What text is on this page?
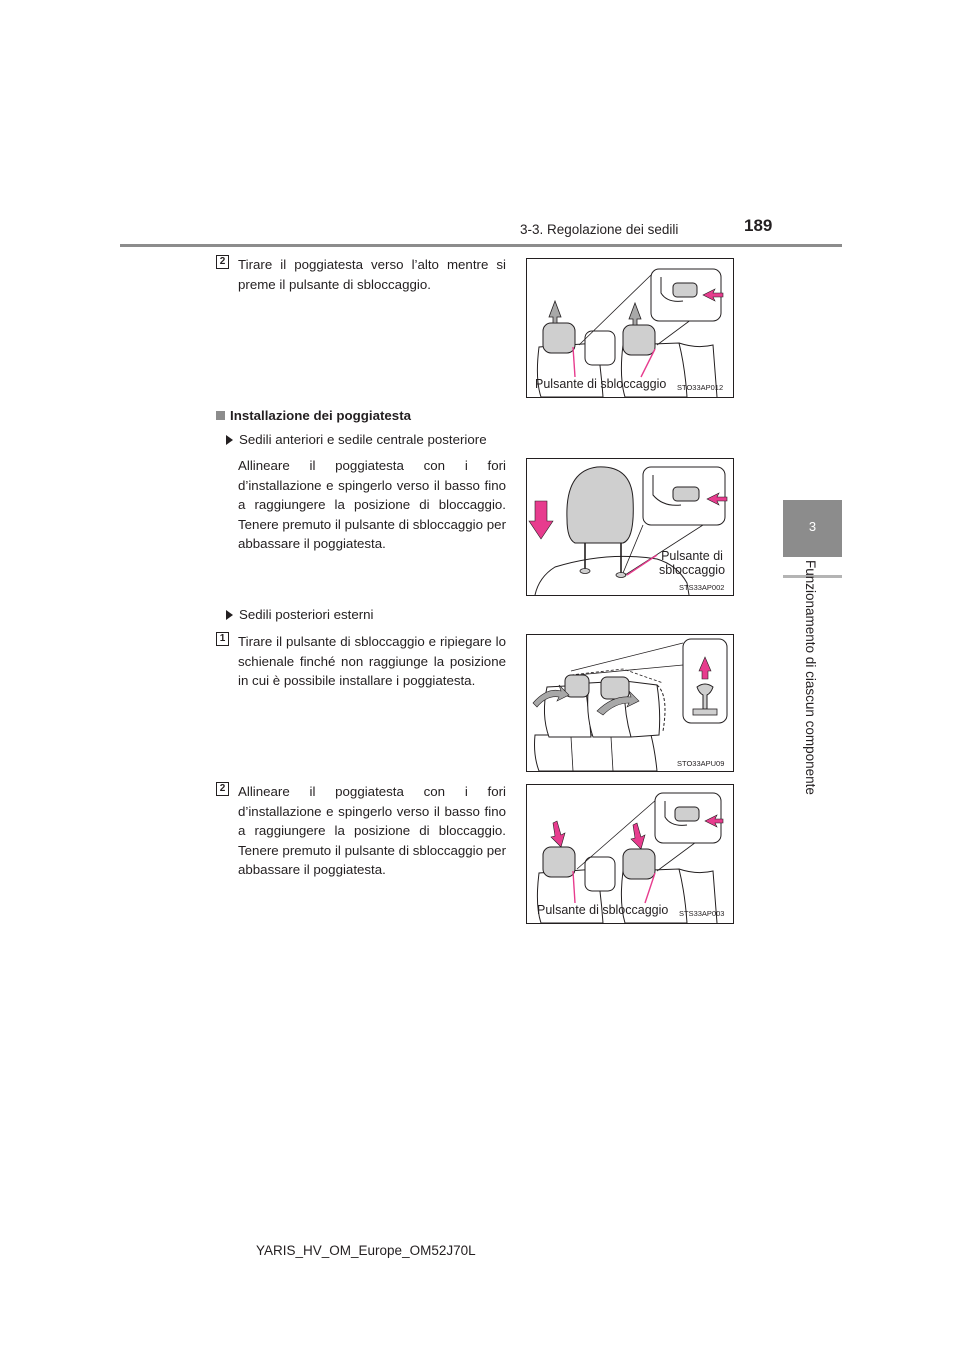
3-3. Regolazione dei sedili	189
3
Funzionamento di ciascun componente
2 Tirare il poggiatesta verso l’alto mentre si preme il pulsante di sbloccaggio.
Pulsante di sbloccaggio STO33AP012
Installazione dei poggiatesta
Sedili anteriori e sedile centrale posteriore
Allineare il poggiatesta con i fori d’installazione e spingerlo verso il basso fino a raggiungere la posizione di bloccaggio. Tenere premuto il pulsante di sbloccaggio per abbassare il poggiatesta.
Pulsante di
sbloccaggio
STS33AP002
Sedili posteriori esterni
1 Tirare il pulsante di sbloccaggio e ripiegare lo schienale finché non raggiunge la posizione in cui è possibile installare i poggiatesta.
STO33APU09
2 Allineare il poggiatesta con i fori d’installazione e spingerlo verso il basso fino a raggiungere la posizione di bloccaggio. Tenere premuto il pulsante di sbloccaggio per abbassare il poggiatesta.
Pulsante di sbloccaggio STS33AP003
YARIS_HV_OM_Europe_OM52J70L
